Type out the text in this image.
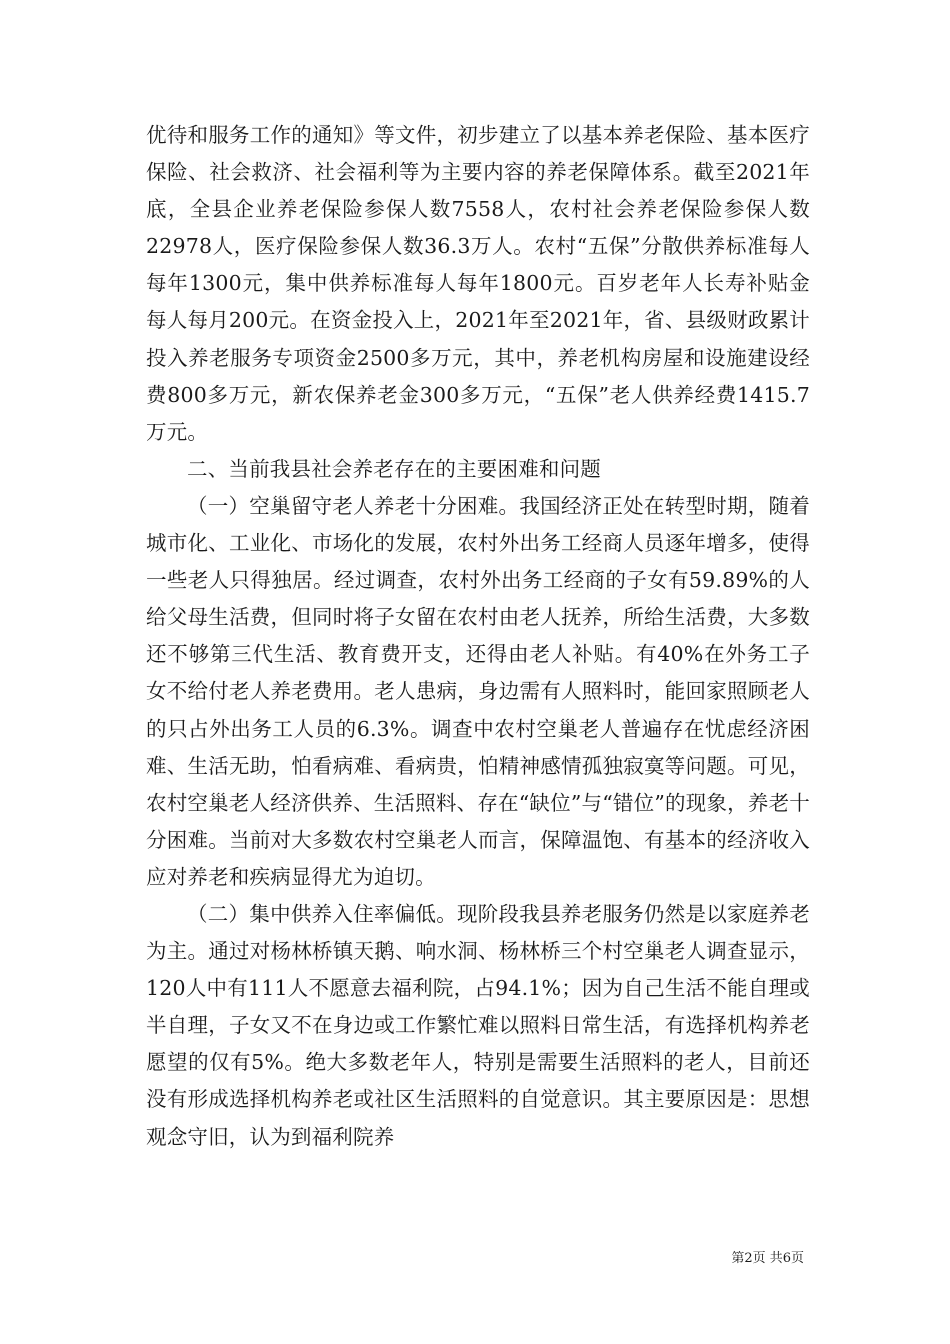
优待和服务工作的通知》等文件，初步建立了以基本养老保险、基本医疗保险、社会救济、社会福利等为主要内容的养老保障体系。截至2021年底，全县企业养老保险参保人数7558人，农村社会养老保险参保人数22978人，医疗保险参保人数36.3万人。农村“五保”分散供养标准每人每年1300元，集中供养标准每人每年1800元。百岁老年人长寿补贴金每人每月200元。在资金投入上，2021年至2021年，省、县级财政累计投入养老服务专项资金2500多万元，其中，养老机构房屋和设施建设经费800多万元，新农保养老金300多万元，“五保”老人供养经费1415.7万元。

二、当前我县社会养老存在的主要困难和问题

（一）空巢留守老人养老十分困难。我国经济正处在转型时期，随着城市化、工业化、市场化的发展，农村外出务工经商人员逐年增多，使得一些老人只得独居。经过调查，农村外出务工经商的子女有59.89%的人给父母生活费，但同时将子女留在农村由老人抚养，所给生活费，大多数还不够第三代生活、教育费开支，还得由老人补贴。有40%在外务工子女不给付老人养老费用。老人患病，身边需有人照料时，能回家照顾老人的只占外出务工人员的6.3%。调查中农村空巢老人普遍存在忧虑经济困难、生活无助，怕看病难、看病贵，怕精神感情孤独寂寞等问题。可见，农村空巢老人经济供养、生活照料、存在“缺位”与“错位”的现象，养老十分困难。当前对大多数农村空巢老人而言，保障温饱、有基本的经济收入应对养老和疾病显得尤为迫切。

（二）集中供养入住率偏低。现阶段我县养老服务仍然是以家庭养老为主。通过对杨林桥镇天鹅、响水洞、杨林桥三个村空巢老人调查显示，120人中有111人不愿意去福利院，占94.1%；因为自己生活不能自理或半自理，子女又不在身边或工作繁忙难以照料日常生活，有选择机构养老愿望的仅有5%。绝大多数老年人，特别是需要生活照料的老人，目前还没有形成选择机构养老或社区生活照料的自觉意识。其主要原因是：思想观念守旧，认为到福利院养

第2页 共6页
